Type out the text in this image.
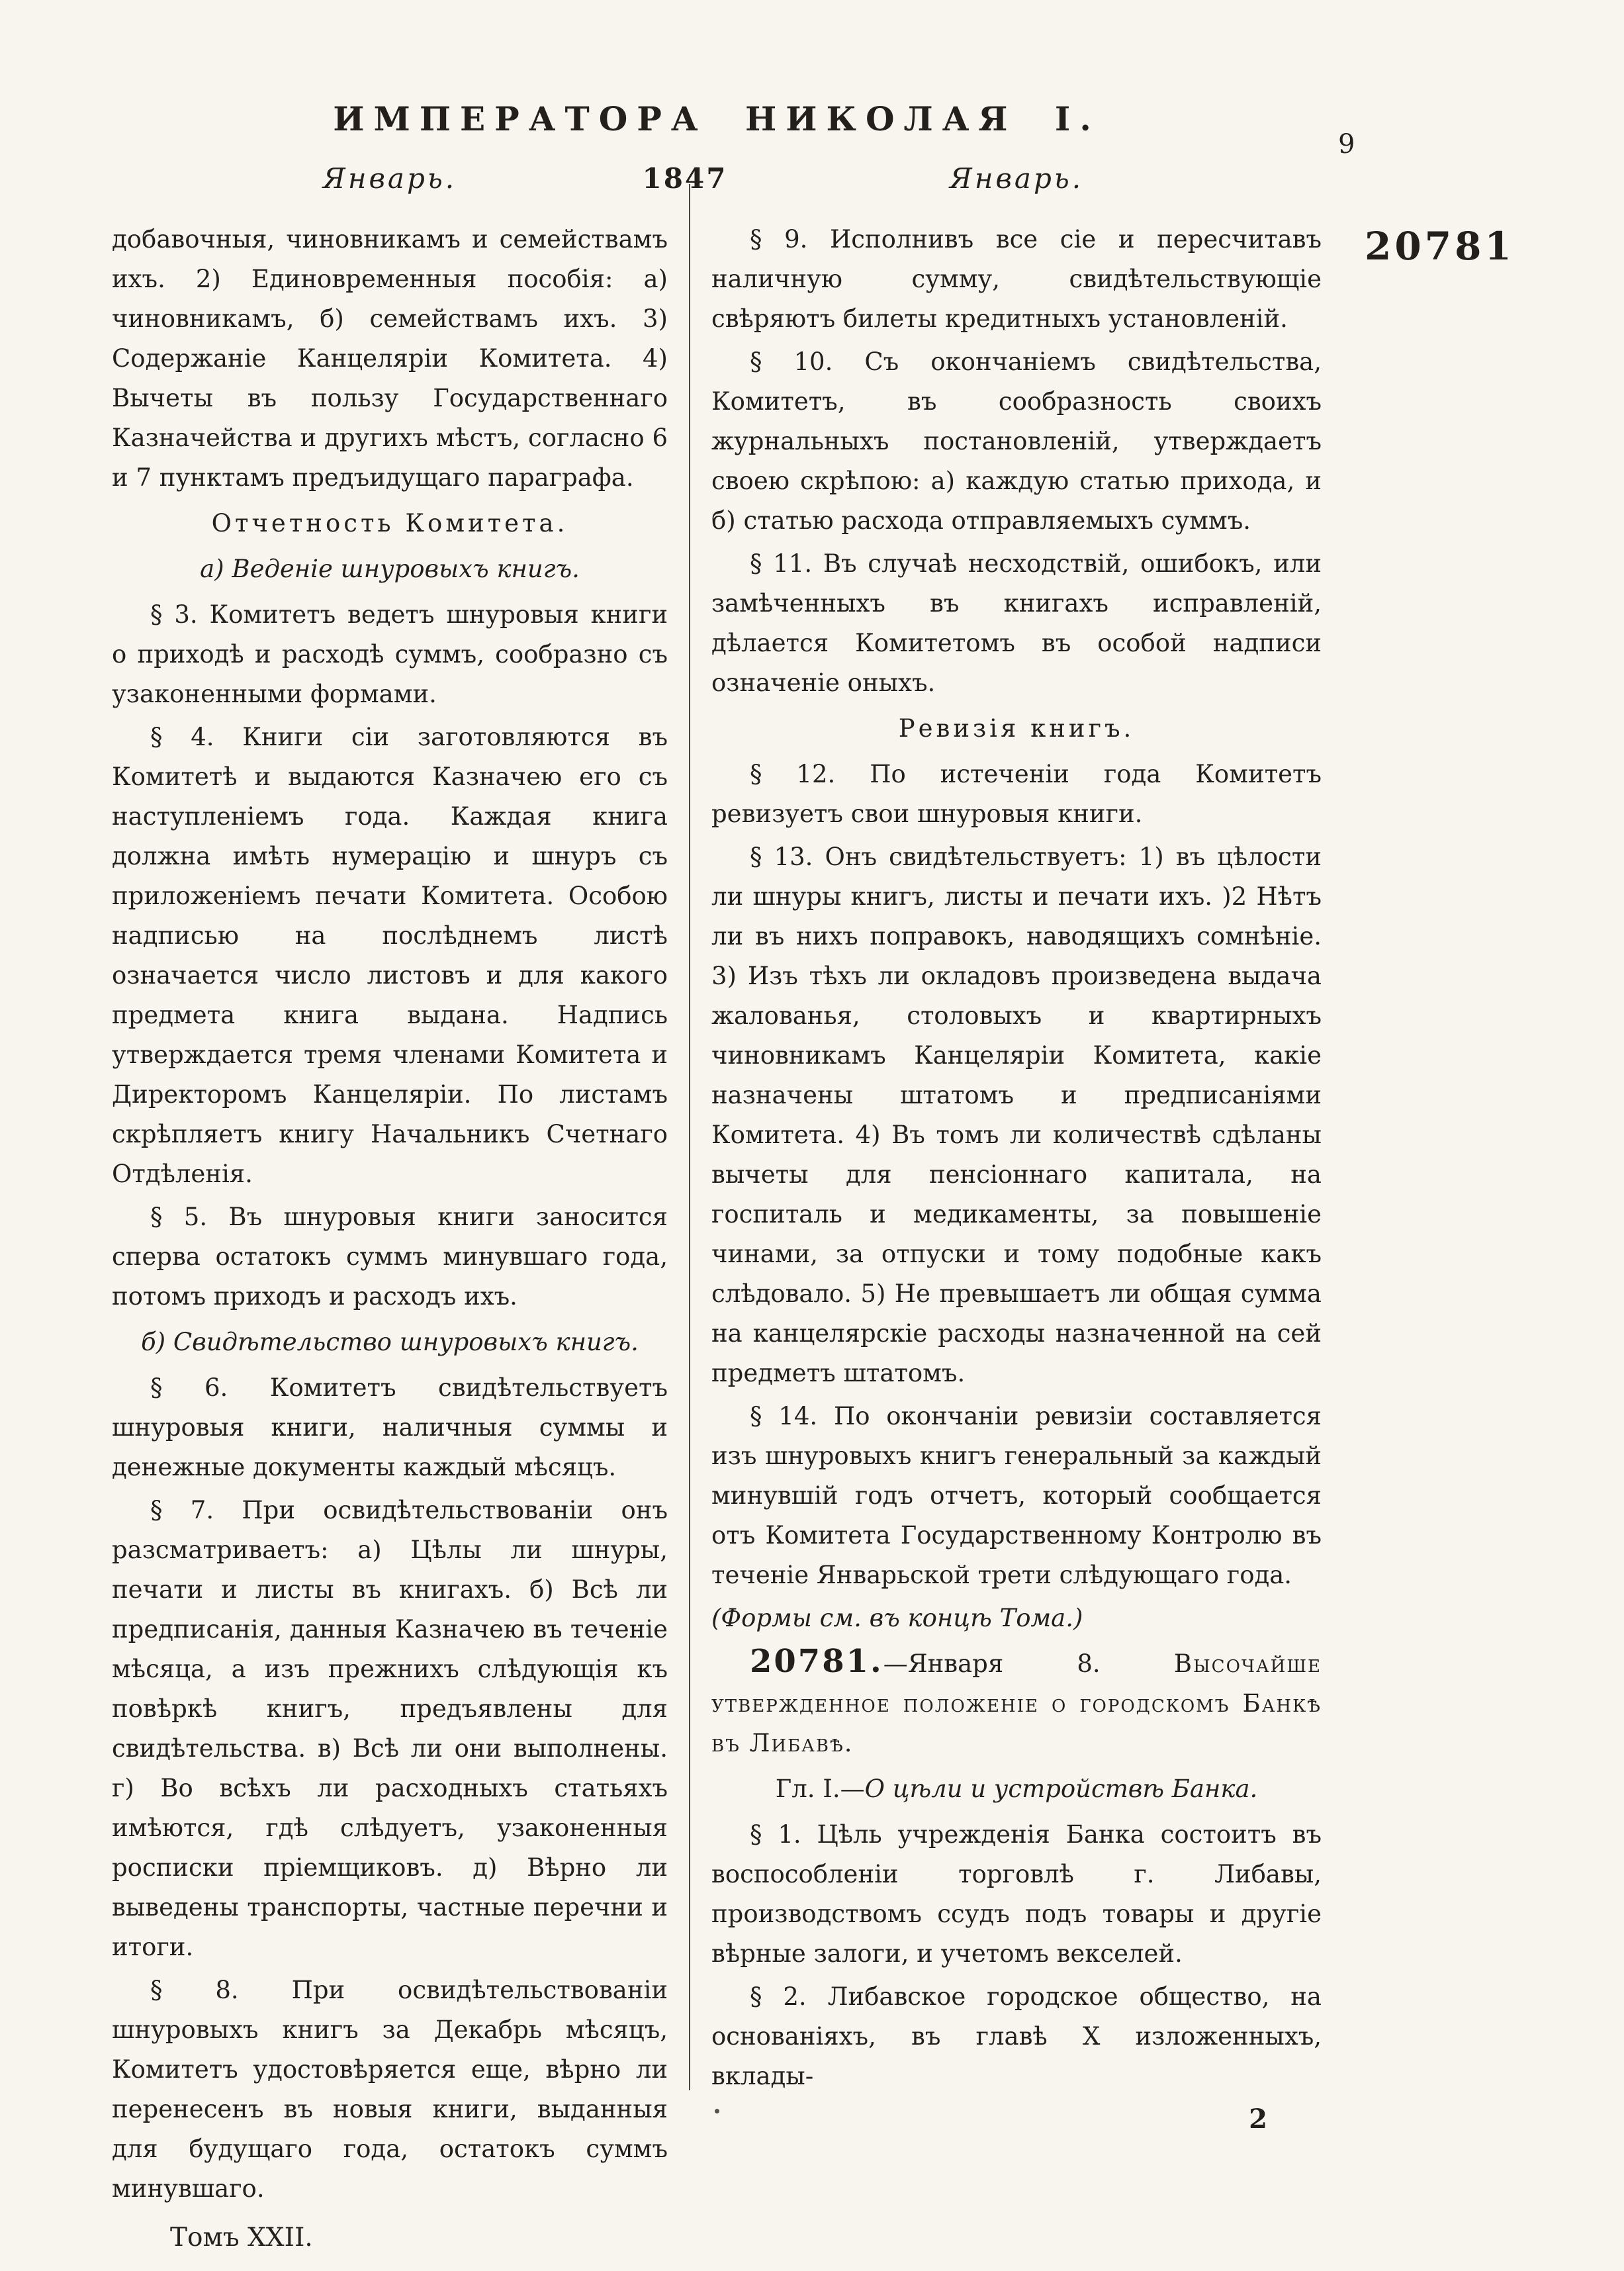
20781
9
ИМПЕРАТОРА НИКОЛАЯ I.
Январь.	Январь.
1847

добавочныя, чиновникамъ и семействамъ ихъ. 2) Единовременныя пособія: а) чиновникамъ, б) семействамъ ихъ. 3) Содержаніе Канцеляріи Комитета. 4) Вычеты въ пользу Государственнаго Казначейства и другихъ мѣстъ, согласно 6 и 7 пунктамъ предъидущаго параграфа.

Отчетность Комитета.

а) Веденіе шнуровыхъ книгъ.

§ 3. Комитетъ ведетъ шнуровыя книги о приходѣ и расходѣ суммъ, сообразно съ узаконенными формами.

§ 4. Книги сіи заготовляются въ Комитетѣ и выдаются Казначею его съ наступленіемъ года. Каждая книга должна имѣть нумерацію и шнуръ съ приложеніемъ печати Комитета. Особою надписью на послѣднемъ листѣ означается число листовъ и для какого предмета книга выдана. Надпись утверждается тремя членами Комитета и Директоромъ Канцеляріи. По листамъ скрѣпляетъ книгу Начальникъ Счетнаго Отдѣленія.

§ 5. Въ шнуровыя книги заносится сперва остатокъ суммъ минувшаго года, потомъ приходъ и расходъ ихъ.

б) Свидѣтельство шнуровыхъ книгъ.

§ 6. Комитетъ свидѣтельствуетъ шнуровыя книги, наличныя суммы и денежные документы каждый мѣсяцъ.

§ 7. При освидѣтельствованіи онъ разсматриваетъ: а) Цѣлы ли шнуры, печати и листы въ книгахъ. б) Всѣ ли предписанія, данныя Казначею въ теченіе мѣсяца, а изъ прежнихъ слѣдующія къ повѣркѣ книгъ, предъявлены для свидѣтельства. в) Всѣ ли они выполнены. г) Во всѣхъ ли расходныхъ статьяхъ имѣются, гдѣ слѣдуетъ, узаконенныя росписки пріемщиковъ. д) Вѣрно ли выведены транспорты, частные перечни и итоги.

§ 8. При освидѣтельствованіи шнуровыхъ книгъ за Декабрь мѣсяцъ, Комитетъ удостовѣряется еще, вѣрно ли перенесенъ въ новыя книги, выданныя для будущаго года, остатокъ суммъ минувшаго.

Томъ XXII.

§ 9. Исполнивъ все сіе и пересчитавъ наличную сумму, свидѣтельствующіе свѣряютъ билеты кредитныхъ установленій.

§ 10. Съ окончаніемъ свидѣтельства, Комитетъ, въ сообразность своихъ журнальныхъ постановленій, утверждаетъ своею скрѣпою: а) каждую статью прихода, и б) статью расхода отправляемыхъ суммъ.

§ 11. Въ случаѣ несходствій, ошибокъ, или замѣченныхъ въ книгахъ исправленій, дѣлается Комитетомъ въ особой надписи означеніе оныхъ.

Ревизія книгъ.

§ 12. По истеченіи года Комитетъ ревизуетъ свои шнуровыя книги.

§ 13. Онъ свидѣтельствуетъ: 1) въ цѣлости ли шнуры книгъ, листы и печати ихъ. )2 Нѣтъ ли въ нихъ поправокъ, наводящихъ сомнѣніе. 3) Изъ тѣхъ ли окладовъ произведена выдача жалованья, столовыхъ и квартирныхъ чиновникамъ Канцеляріи Комитета, какіе назначены штатомъ и предписаніями Комитета. 4) Въ томъ ли количествѣ сдѣланы вычеты для пенсіоннаго капитала, на госпиталь и медикаменты, за повышеніе чинами, за отпуски и тому подобные какъ слѣдовало. 5) Не превышаетъ ли общая сумма на канцелярскіе расходы назначенной на сей предметъ штатомъ.

§ 14. По окончаніи ревизіи составляется изъ шнуровыхъ книгъ генеральный за каждый минувшій годъ отчетъ, который сообщается отъ Комитета Государственному Контролю въ теченіе Январьской трети слѣдующаго года.

(Формы см. въ концѣ Тома.)

20781.—Января 8.	Высочайше утвержденное положеніе о городскомъ Банкѣ въ Либавѣ.

Гл. I.—О цѣли и устройствѣ Банка.

§ 1. Цѣль учрежденія Банка состоитъ въ воспособленіи торговлѣ г. Либавы, производствомъ ссудъ подъ товары и другіе вѣрные залоги, и учетомъ векселей.

§ 2. Либавское городское общество, на основаніяхъ, въ главѣ X изложенныхъ, вклады-

2
